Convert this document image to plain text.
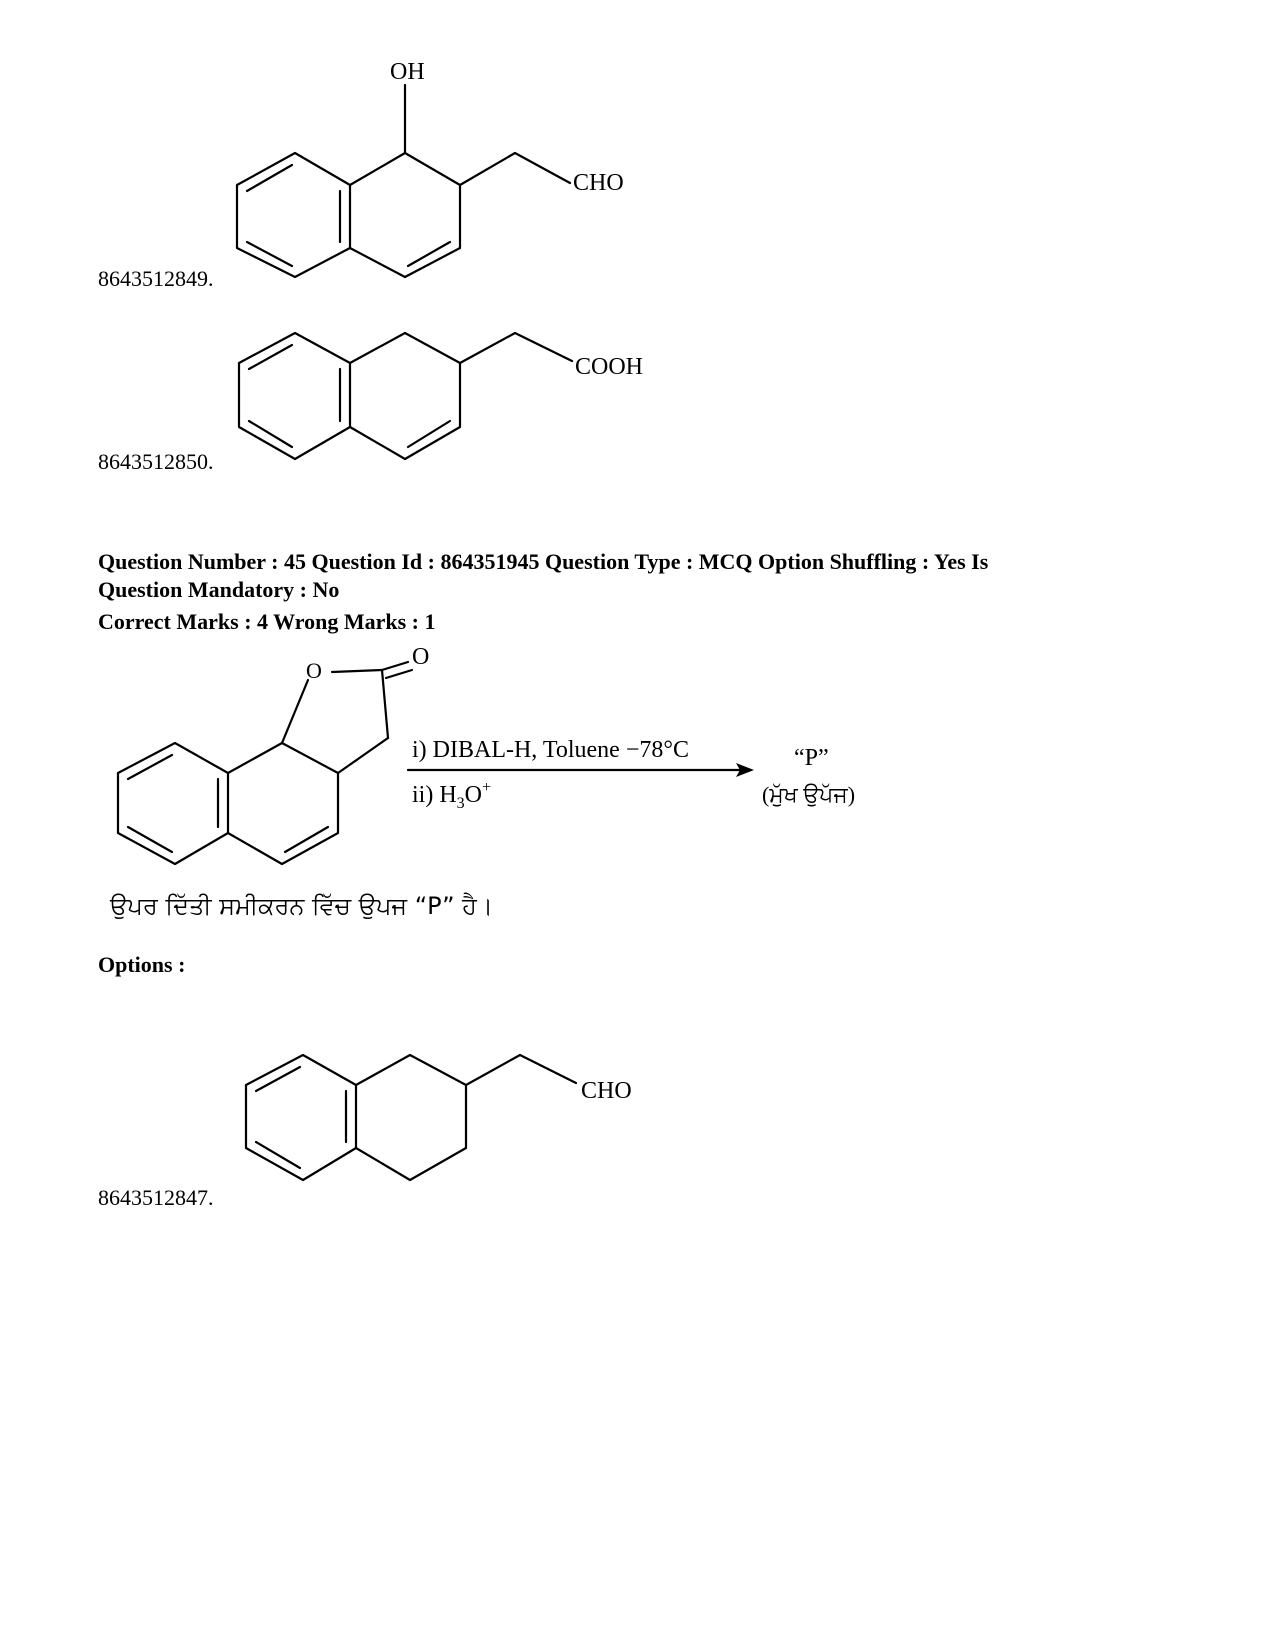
OH
CHO
8643512849.
COOH
8643512850.
Question Number : 45 Question Id : 864351945 Question Type : MCQ Option Shuffling : Yes Is
Question Mandatory : No
Correct Marks : 4 Wrong Marks : 1
O
O
i) DIBAL-H, Toluene −78°C
ii) $H_3O^+$
“P”
(ਮੁੱਖ ਉਪੱਜ)
ਉਪਰ ਦਿੱਤੀ ਸਮੀਕਰਨ ਵਿੱਚ ਉਪਜ “P” ਹੈ।
Options :
CHO
8643512847.
